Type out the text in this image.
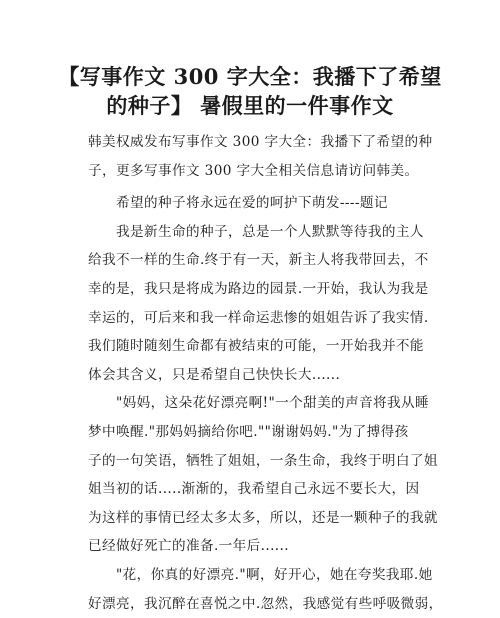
【写事作文 300 字大全：我播下了希望
的种子】 暑假里的一件事作文
韩美权威发布写事作文 300 字大全：我播下了希望的种
子，更多写事作文 300 字大全相关信息请访问韩美。
希望的种子将永远在爱的呵护下萌发----题记
我是新生命的种子，总是一个人默默等待我的主人
给我不一样的生命.终于有一天，新主人将我带回去，不
幸的是，我只是将成为路边的园景.一开始，我认为我是
幸运的，可后来和我一样命运悲惨的姐姐告诉了我实情.
我们随时随刻生命都有被结束的可能，一开始我并不能
体会其含义，只是希望自己快快长大......
"妈妈，这朵花好漂亮啊!"一个甜美的声音将我从睡
梦中唤醒."那妈妈摘给你吧.""谢谢妈妈."为了搏得孩
子的一句笑语，牺牲了姐姐，一条生命，我终于明白了姐
姐当初的话.....渐渐的，我希望自己永远不要长大，因
为这样的事情已经太多太多，所以，还是一颗种子的我就
已经做好死亡的准备.一年后......
"花，你真的好漂亮."啊，好开心，她在夸奖我耶.她
好漂亮，我沉醉在喜悦之中.忽然，我感觉有些呼吸微弱，
